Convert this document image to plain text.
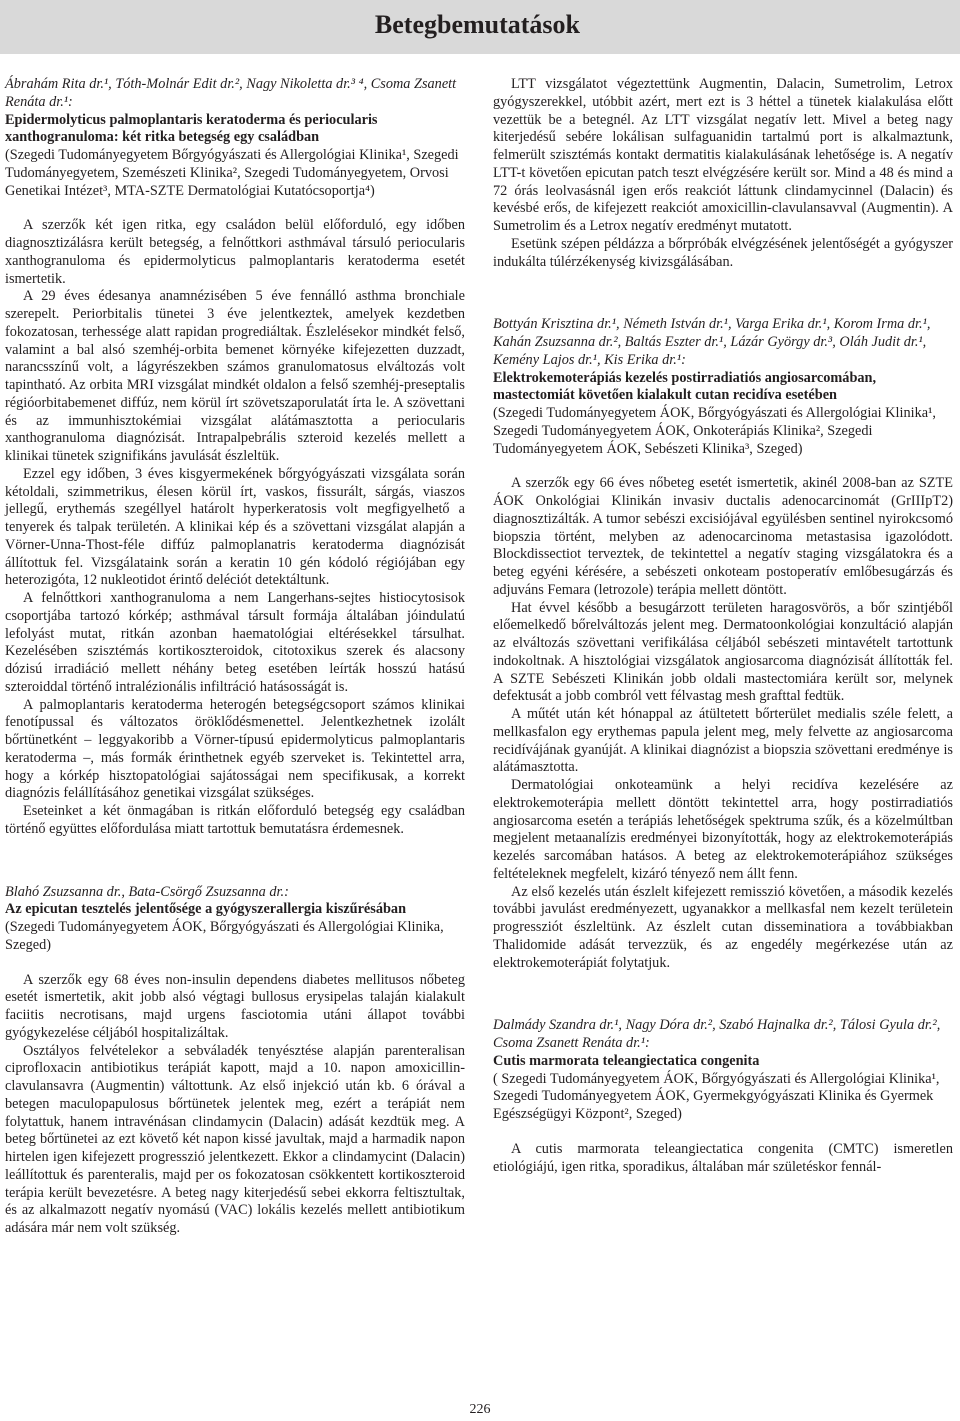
Betegbemutatások

Ábrahám Rita dr.¹, Tóth-Molnár Edit dr.², Nagy Nikoletta dr.³ ⁴, Csoma Zsanett Renáta dr.¹:

Epidermolyticus palmoplantaris keratoderma és periocularis xanthogranuloma: két ritka betegség egy családban

(Szegedi Tudományegyetem Bőrgyógyászati és Allergológiai Klinika¹, Szegedi Tudományegyetem, Szemészeti Klinika², Szegedi Tudományegyetem, Orvosi Genetikai Intézet³, MTA-SZTE Dermatológiai Kutatócsoportja⁴)

A szerzők két igen ritka, egy családon belül előforduló, egy időben diagnosztizálásra került betegség, a felnőttkori asthmával társuló periocularis xanthogranuloma és epidermolyticus palmoplantaris keratoderma esetét ismertetik.

A 29 éves édesanya anamnézisében 5 éve fennálló asthma bronchiale szerepelt. Periorbitalis tünetei 3 éve jelentkeztek, amelyek kezdetben fokozatosan, terhessége alatt rapidan progrediáltak. Észlelésekor mindkét felső, valamint a bal alsó szemhéj-orbita bemenet környéke kifejezetten duzzadt, narancsszínű volt, a lágyrészekben számos granulomatosus elváltozás volt tapintható. Az orbita MRI vizsgálat mindkét oldalon a felső szemhéj-preseptalis régióorbitabemenet diffúz, nem körül írt szövetszaporulatát írta le. A szövettani és az immunhisztokémiai vizsgálat alátámasztotta a periocularis xanthogranuloma diagnózisát. Intrapalpebrális szteroid kezelés mellett a klinikai tünetek szignifikáns javulását észleltük.

Ezzel egy időben, 3 éves kisgyermekének bőrgyógyászati vizsgálata során kétoldali, szimmetrikus, élesen körül írt, vaskos, fissurált, sárgás, viaszos jellegű, erythemás szegéllyel határolt hyperkeratosis volt megfigyelhető a tenyerek és talpak területén. A klinikai kép és a szövettani vizsgálat alapján a Vörner-Unna-Thost-féle diffúz palmoplanatris keratoderma diagnózisát állítottuk fel. Vizsgálataink során a keratin 10 gén kódoló régiójában egy heterozigóta, 12 nukleotidot érintő deléciót detektáltunk.

A felnőttkori xanthogranuloma a nem Langerhans-sejtes histiocytosisok csoportjába tartozó kórkép; asthmával társult formája általában jóindulatú lefolyást mutat, ritkán azonban haematológiai eltérésekkel társulhat. Kezelésében szisztémás kortikoszteroidok, citotoxikus szerek és alacsony dózisú irradiáció mellett néhány beteg esetében leírták hosszú hatású szteroiddal történő intralézionális infiltráció hatásosságát is.

A palmoplantaris keratoderma heterogén betegségcsoport számos klinikai fenotípussal és változatos öröklődésmenettel. Jelentkezhetnek izolált bőrtünetként – leggyakoribb a Vörner-típusú epidermolyticus palmoplantaris keratoderma –, más formák érinthetnek egyéb szerveket is. Tekintettel arra, hogy a kórkép hisztopatológiai sajátosságai nem specifikusak, a korrekt diagnózis felállításához genetikai vizsgálat szükséges.

Eseteinket a két önmagában is ritkán előforduló betegség egy családban történő együttes előfordulása miatt tartottuk bemutatásra érdemesnek.

Blahó Zsuzsanna dr., Bata-Csörgő Zsuzsanna dr.:

Az epicutan tesztelés jelentősége a gyógyszerallergia kiszűrésában

(Szegedi Tudományegyetem ÁOK, Bőrgyógyászati és Allergológiai Klinika, Szeged)

A szerzők egy 68 éves non-insulin dependens diabetes mellitusos nőbeteg esetét ismertetik, akit jobb alsó végtagi bullosus erysipelas talaján kialakult faciitis necrotisans, majd urgens fasciotomia utáni állapot további gyógykezelése céljából hospitalizáltak.

Osztályos felvételekor a sebváladék tenyésztése alapján parenteralisan ciprofloxacin antibiotikus terápiát kapott, majd a 10. napon amoxicillin-clavulansavra (Augmentin) váltottunk. Az első injekció után kb. 6 órával a betegen maculopapulosus bőrtünetek jelentek meg, ezért a terápiát nem folytattuk, hanem intravénásan clindamycin (Dalacin) adását kezdtük meg. A beteg bőrtünetei az ezt követő két napon kissé javultak, majd a harmadik napon hirtelen igen kifejezett progresszió jelentkezett. Ekkor a clindamycint (Dalacin) leállítottuk és parenteralis, majd per os fokozatosan csökkentett kortikoszteroid terápia került bevezetésre. A beteg nagy kiterjedésű sebei ekkorra feltisztultak, és az alkalmazott negatív nyomású (VAC) lokális kezelés mellett antibiotikum adására már nem volt szükség.

LTT vizsgálatot végeztettünk Augmentin, Dalacin, Sumetrolim, Letrox gyógyszerekkel, utóbbit azért, mert ezt is 3 héttel a tünetek kialakulása előtt vezettük be a betegnél. Az LTT vizsgálat negatív lett. Mivel a beteg nagy kiterjedésű sebére lokálisan sulfaguanidin tartalmú port is alkalmaztunk, felmerült szisztémás kontakt dermatitis kialakulásának lehetősége is. A negatív LTT-t követően epicutan patch teszt elvégzésére került sor. Mind a 48 és mind a 72 órás leolvasásnál igen erős reakciót láttunk clindamycinnel (Dalacin) és kevésbé erős, de kifejezett reakciót amoxicillin-clavulansavval (Augmentin). A Sumetrolim és a Letrox negatív eredményt mutatott.

Esetünk szépen példázza a bőrpróbák elvégzésének jelentőségét a gyógyszer indukálta túlérzékenység kivizsgálásában.

Bottyán Krisztina dr.¹, Németh István dr.¹, Varga Erika dr.¹, Korom Irma dr.¹, Kahán Zsuzsanna dr.², Baltás Eszter dr.¹, Lázár György dr.³, Oláh Judit dr.¹, Kemény Lajos dr.¹, Kis Erika dr.¹:

Elektrokemoterápiás kezelés postirradiatiós angiosarcomában, mastectomiát követően kialakult cutan recidíva esetében

(Szegedi Tudományegyetem ÁOK, Bőrgyógyászati és Allergológiai Klinika¹, Szegedi Tudományegyetem ÁOK, Onkoterápiás Klinika², Szegedi Tudományegyetem ÁOK, Sebészeti Klinika³, Szeged)

A szerzők egy 66 éves nőbeteg esetét ismertetik, akinél 2008-ban az SZTE ÁOK Onkológiai Klinikán invasiv ductalis adenocarcinomát (GrIIIpT2) diagnosztizálták. A tumor sebészi excisiójával együlésben sentinel nyirokcsomó biopszia történt, melyben az adenocarcinoma metastasisa igazolódott. Blockdissectiot terveztek, de tekintettel a negatív staging vizsgálatokra és a beteg egyéni kérésére, a sebészeti onkoteam postoperatív emlőbesugárzás és adjuváns Femara (letrozole) terápia mellett döntött.

Hat évvel később a besugárzott területen haragosvörös, a bőr szintjéből előemelkedő bőrelváltozás jelent meg. Dermatoonkológiai konzultáció alapján az elváltozás szövettani verifikálása céljából sebészeti mintavételt tartottunk indokoltnak. A hisztológiai vizsgálatok angiosarcoma diagnózisát állították fel. A SZTE Sebészeti Klinikán jobb oldali mastectomiára került sor, melynek defektusát a jobb combról vett félvastag mesh grafttal fedtük.

A műtét után két hónappal az átültetett bőrterület medialis széle felett, a mellkasfalon egy erythemas papula jelent meg, mely felvette az angiosarcoma recidívájának gyanúját. A klinikai diagnózist a biopszia szövettani eredménye is alátámasztotta.

Dermatológiai onkoteamünk a helyi recidíva kezelésére az elektrokemoterápia mellett döntött tekintettel arra, hogy postirradiatiós angiosarcoma esetén a terápiás lehetőségek spektruma szűk, és a közelmúltban megjelent metaanalízis eredményei bizonyították, hogy az elektrokemoterápiás kezelés sarcomában hatásos. A beteg az elektrokemoterápiához szükséges feltételeknek megfelelt, kizáró tényező nem állt fenn.

Az első kezelés után észlelt kifejezett remisszió követően, a második kezelés további javulást eredményezett, ugyanakkor a mellkasfal nem kezelt területein progressziót észleltünk. Az észlelt cutan disseminatiora a továbbiakban Thalidomide adását tervezzük, és az engedély megérkezése után az elektrokemoterápiát folytatjuk.

Dalmády Szandra dr.¹, Nagy Dóra dr.², Szabó Hajnalka dr.², Tálosi Gyula dr.², Csoma Zsanett Renáta dr.¹:

Cutis marmorata teleangiectatica congenita

( Szegedi Tudományegyetem ÁOK, Bőrgyógyászati és Allergológiai Klinika¹, Szegedi Tudományegyetem ÁOK, Gyermekgyógyászati Klinika és Gyermek Egészségügyi Központ², Szeged)

A cutis marmorata teleangiectatica congenita (CMTC) ismeretlen etiológiájú, igen ritka, sporadikus, általában már születéskor fennál-

226
